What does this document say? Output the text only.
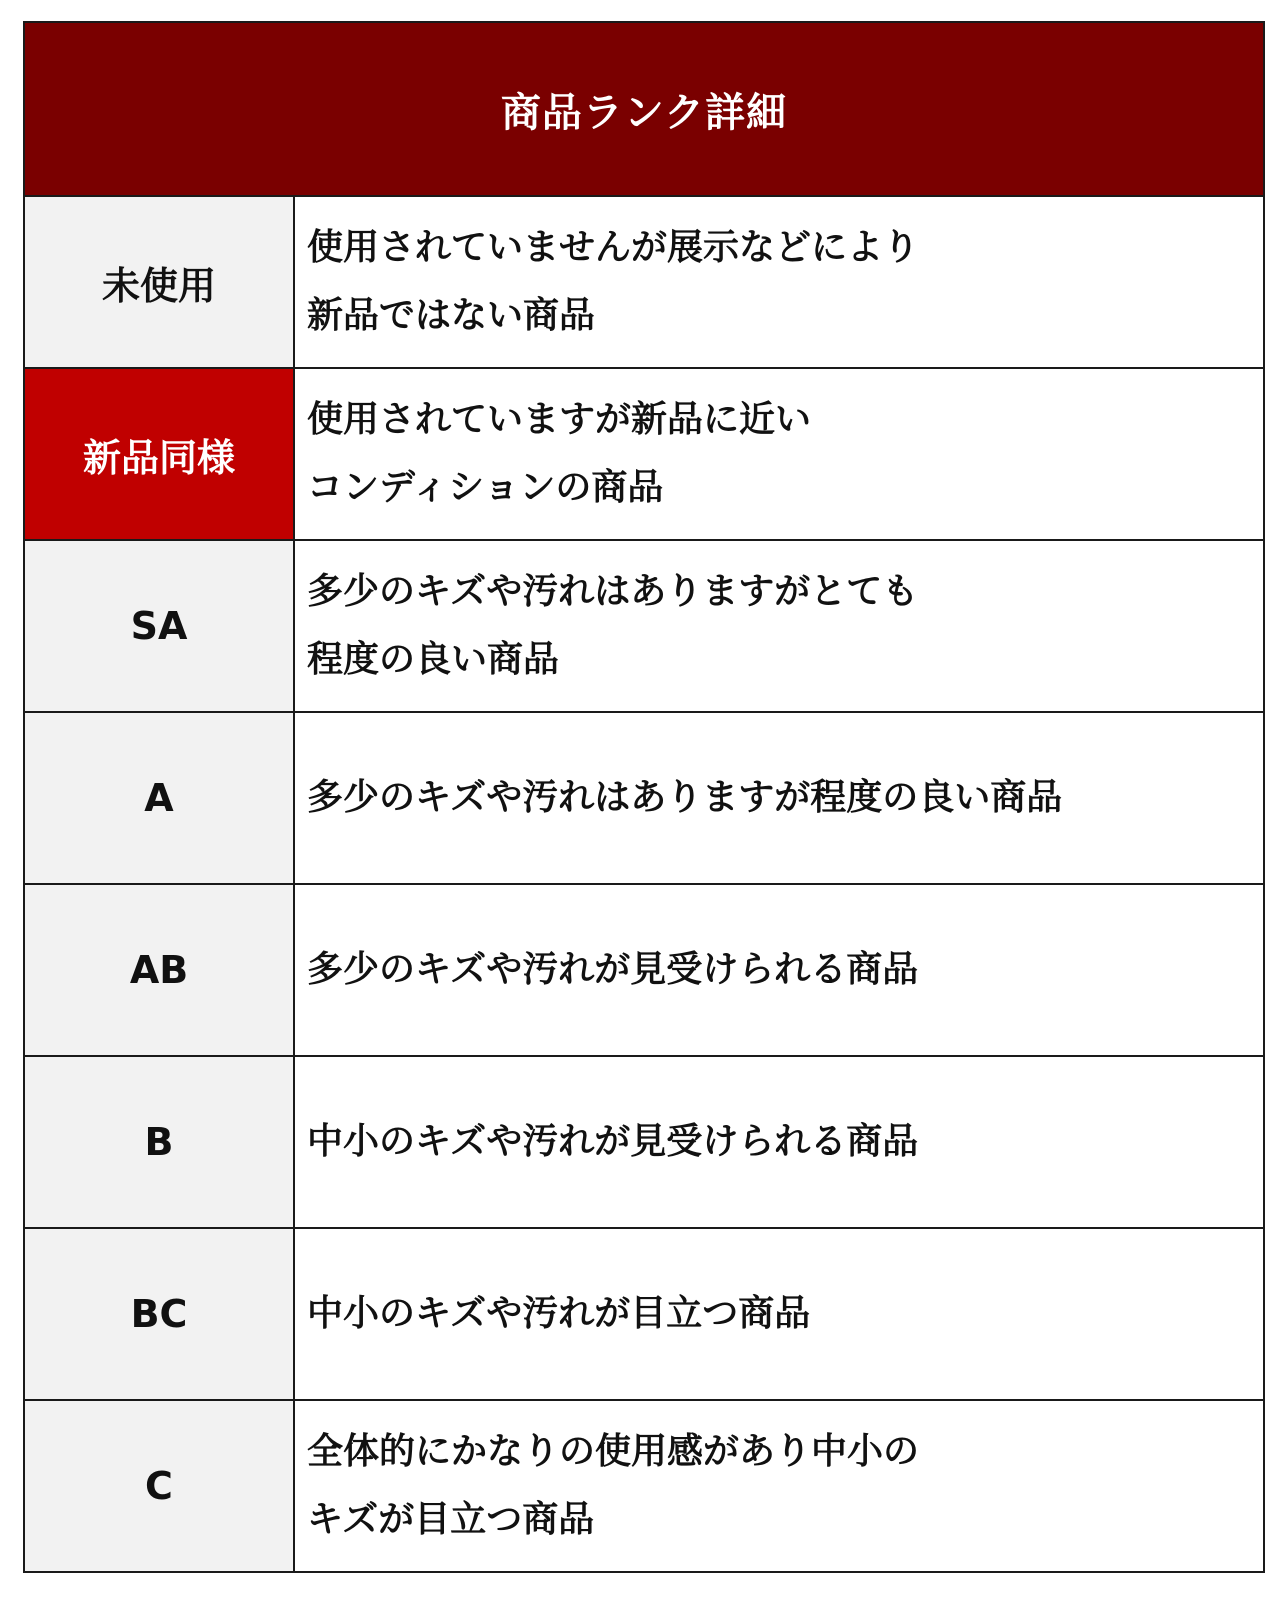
商品ランク詳細	
未使用	使用されていませんが展示などにより
新品ではない商品

新品同様	使用されていますが新品に近い
コンディションの商品

SA	多少のキズや汚れはありますがとても
程度の良い商品

A	多少のキズや汚れはありますが程度の良い商品

AB	多少のキズや汚れが見受けられる商品

B	中小のキズや汚れが見受けられる商品

BC	中小のキズや汚れが目立つ商品

C	全体的にかなりの使用感があり中小の
キズが目立つ商品
